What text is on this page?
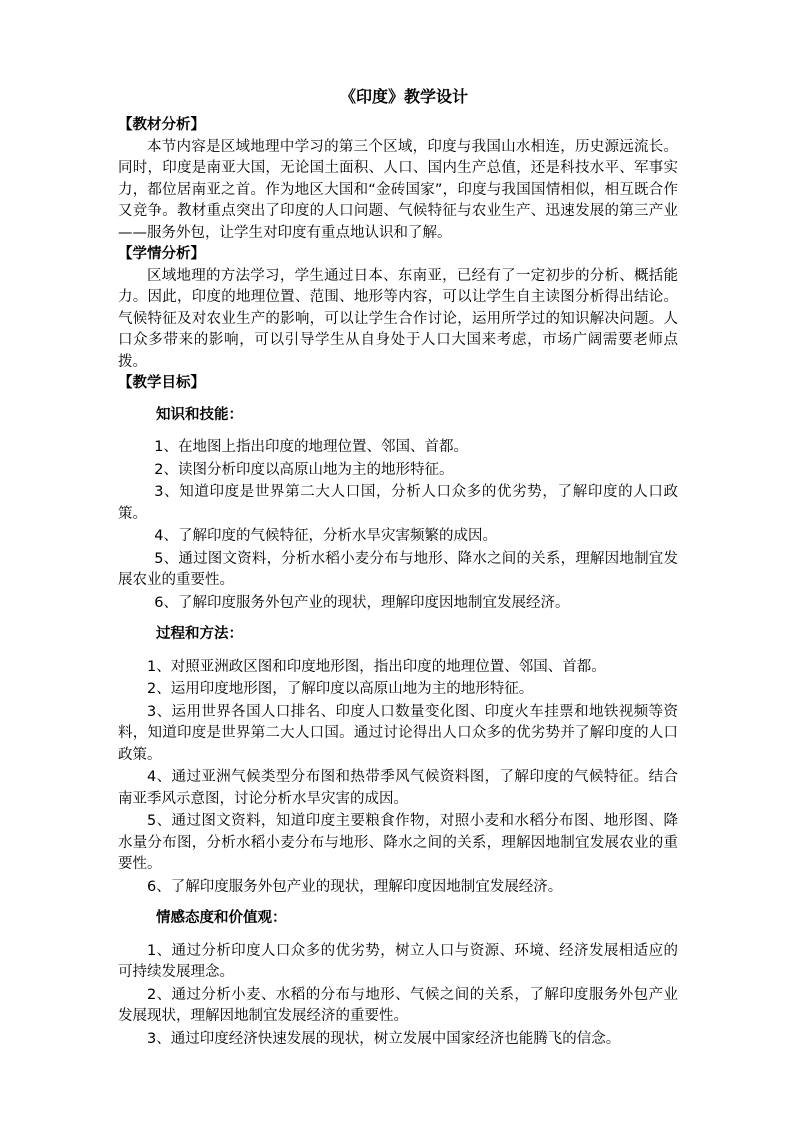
《印度》教学设计
【教材分析】

本节内容是区域地理中学习的第三个区域，印度与我国山水相连，历史源远流长。同时，印度是南亚大国，无论国土面积、人口、国内生产总值，还是科技水平、军事实力，都位居南亚之首。作为地区大国和“金砖国家”，印度与我国国情相似，相互既合作又竞争。教材重点突出了印度的人口问题、气候特征与农业生产、迅速发展的第三产业——服务外包，让学生对印度有重点地认识和了解。

【学情分析】

区域地理的方法学习，学生通过日本、东南亚，已经有了一定初步的分析、概括能力。因此，印度的地理位置、范围、地形等内容，可以让学生自主读图分析得出结论。气候特征及对农业生产的影响，可以让学生合作讨论，运用所学过的知识解决问题。人口众多带来的影响，可以引导学生从自身处于人口大国来考虑，市场广阔需要老师点拨。

【教学目标】
知识和技能：
1、在地图上指出印度的地理位置、邻国、首都。
2、读图分析印度以高原山地为主的地形特征。
3、知道印度是世界第二大人口国，分析人口众多的优劣势，了解印度的人口政策。
4、了解印度的气候特征，分析水旱灾害频繁的成因。
5、通过图文资料，分析水稻小麦分布与地形、降水之间的关系，理解因地制宜发展农业的重要性。
6、了解印度服务外包产业的现状，理解印度因地制宜发展经济。
过程和方法：
1、对照亚洲政区图和印度地形图，指出印度的地理位置、邻国、首都。
2、运用印度地形图，了解印度以高原山地为主的地形特征。
3、运用世界各国人口排名、印度人口数量变化图、印度火车挂票和地铁视频等资料，知道印度是世界第二大人口国。通过讨论得出人口众多的优劣势并了解印度的人口政策。
4、通过亚洲气候类型分布图和热带季风气候资料图，了解印度的气候特征。结合南亚季风示意图，讨论分析水旱灾害的成因。
5、通过图文资料，知道印度主要粮食作物，对照小麦和水稻分布图、地形图、降水量分布图，分析水稻小麦分布与地形、降水之间的关系，理解因地制宜发展农业的重要性。
6、了解印度服务外包产业的现状，理解印度因地制宜发展经济。
情感态度和价值观：
1、通过分析印度人口众多的优劣势，树立人口与资源、环境、经济发展相适应的可持续发展理念。
2、通过分析小麦、水稻的分布与地形、气候之间的关系，了解印度服务外包产业发展现状，理解因地制宜发展经济的重要性。
3、通过印度经济快速发展的现状，树立发展中国家经济也能腾飞的信念。
